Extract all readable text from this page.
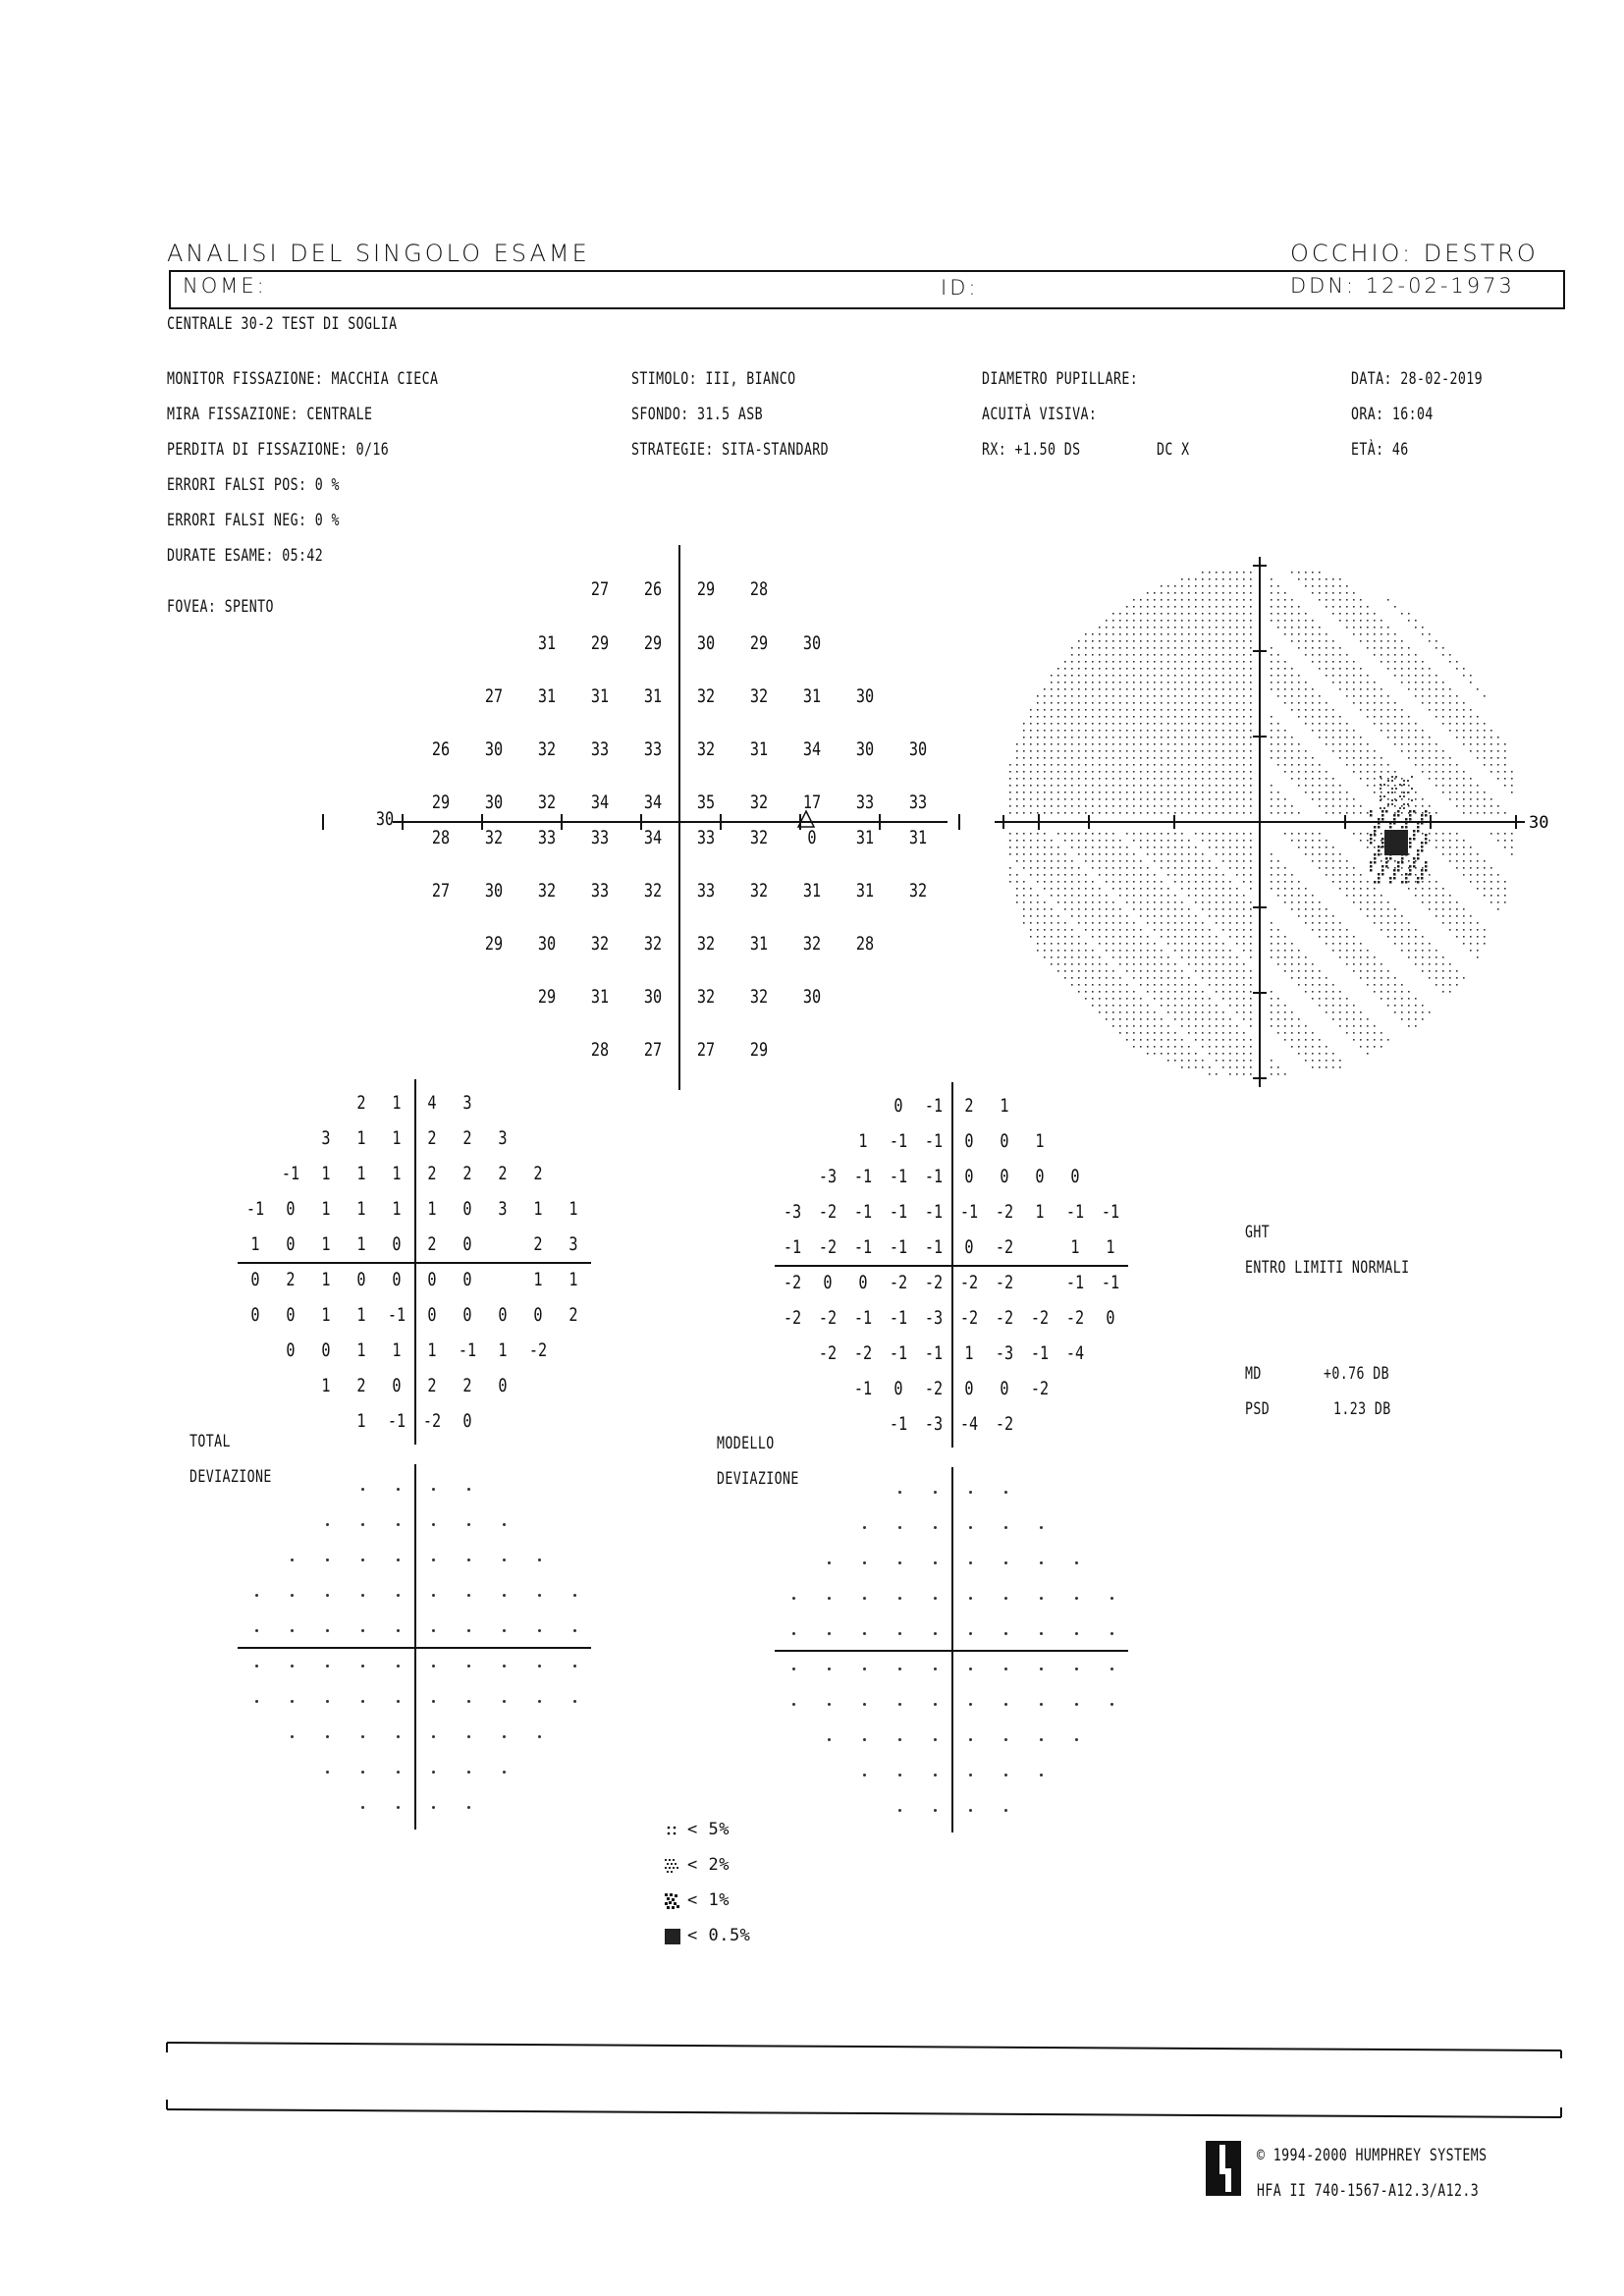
ANALISI DEL SINGOLO ESAME	OCCHIO: DESTRO
NOME:	ID:	DDN: 12-02-1973
CENTRALE 30-2 TEST DI SOGLIA
MONITOR FISSAZIONE: MACCHIA CIECA
MIRA FISSAZIONE: CENTRALE
PERDITA DI FISSAZIONE: 0/16
ERRORI FALSI POS: 0 %
ERRORI FALSI NEG: 0 %
DURATE ESAME: 05:42
FOVEA: SPENTO
STIMOLO: III, BIANCO
SFONDO: 31.5 ASB
STRATEGIE: SITA-STANDARD
DIAMETRO PUPILLARE:
ACUITÀ VISIVA:
RX: +1.50 DS	DC X
DATA: 28-02-2019
ORA: 16:04
ETÀ: 46
27 26 29 28
31 29 29 30 29 30
27 31 31 31 32 32 31 30
26 30 32 33 33 32 31 34 30 30
29 30 32 34 34 35 32 17 33 33
28 32 33 33 34 33 32 0 31 31
27 30 32 33 32 33 32 31 31 32
29 30 32 32 32 31 32 28
29 31 30 32 32 30
28 27 27 29
30	30
2 1 4 3
3 1 1 2 2 3
-1 1 1 1 2 2 2 2
-1 0 1 1 1 1 0 3 1 1
1 0 1 1 0 2 0	2 3
0 2 1 0 0 0 0	1 1
0 0 1 1 -1 0 0 0 0 2
0 0 1 1 1 -1 1 -2
1 2 0 2 2 0
1 -1 -2 0
0 -1 2 1
1 -1 -1 0 0 1
-3 -1 -1 -1 0 0 0 0
-3 -2 -1 -1 -1 -1 -2 1 -1 -1
-1 -2 -1 -1 -1 0 -2	1 1
-2 0 0 -2 -2 -2 -2	-1 -1
-2 -2 -1 -1 -3 -2 -2 -2 -2 0
-2 -2 -1 -1 1 -3 -1 -4
-1 0 -2 0 0 -2
-1 -3 -4 -2
TOTAL
DEVIAZIONE
MODELLO
DEVIAZIONE
GHT
ENTRO LIMITI NORMALI
MD	+0.76 DB
PSD	1.23 DB
< 5%
< 2%
< 1%
< 0.5%
© 1994-2000 HUMPHREY SYSTEMS
HFA II 740-1567-A12.3/A12.3
